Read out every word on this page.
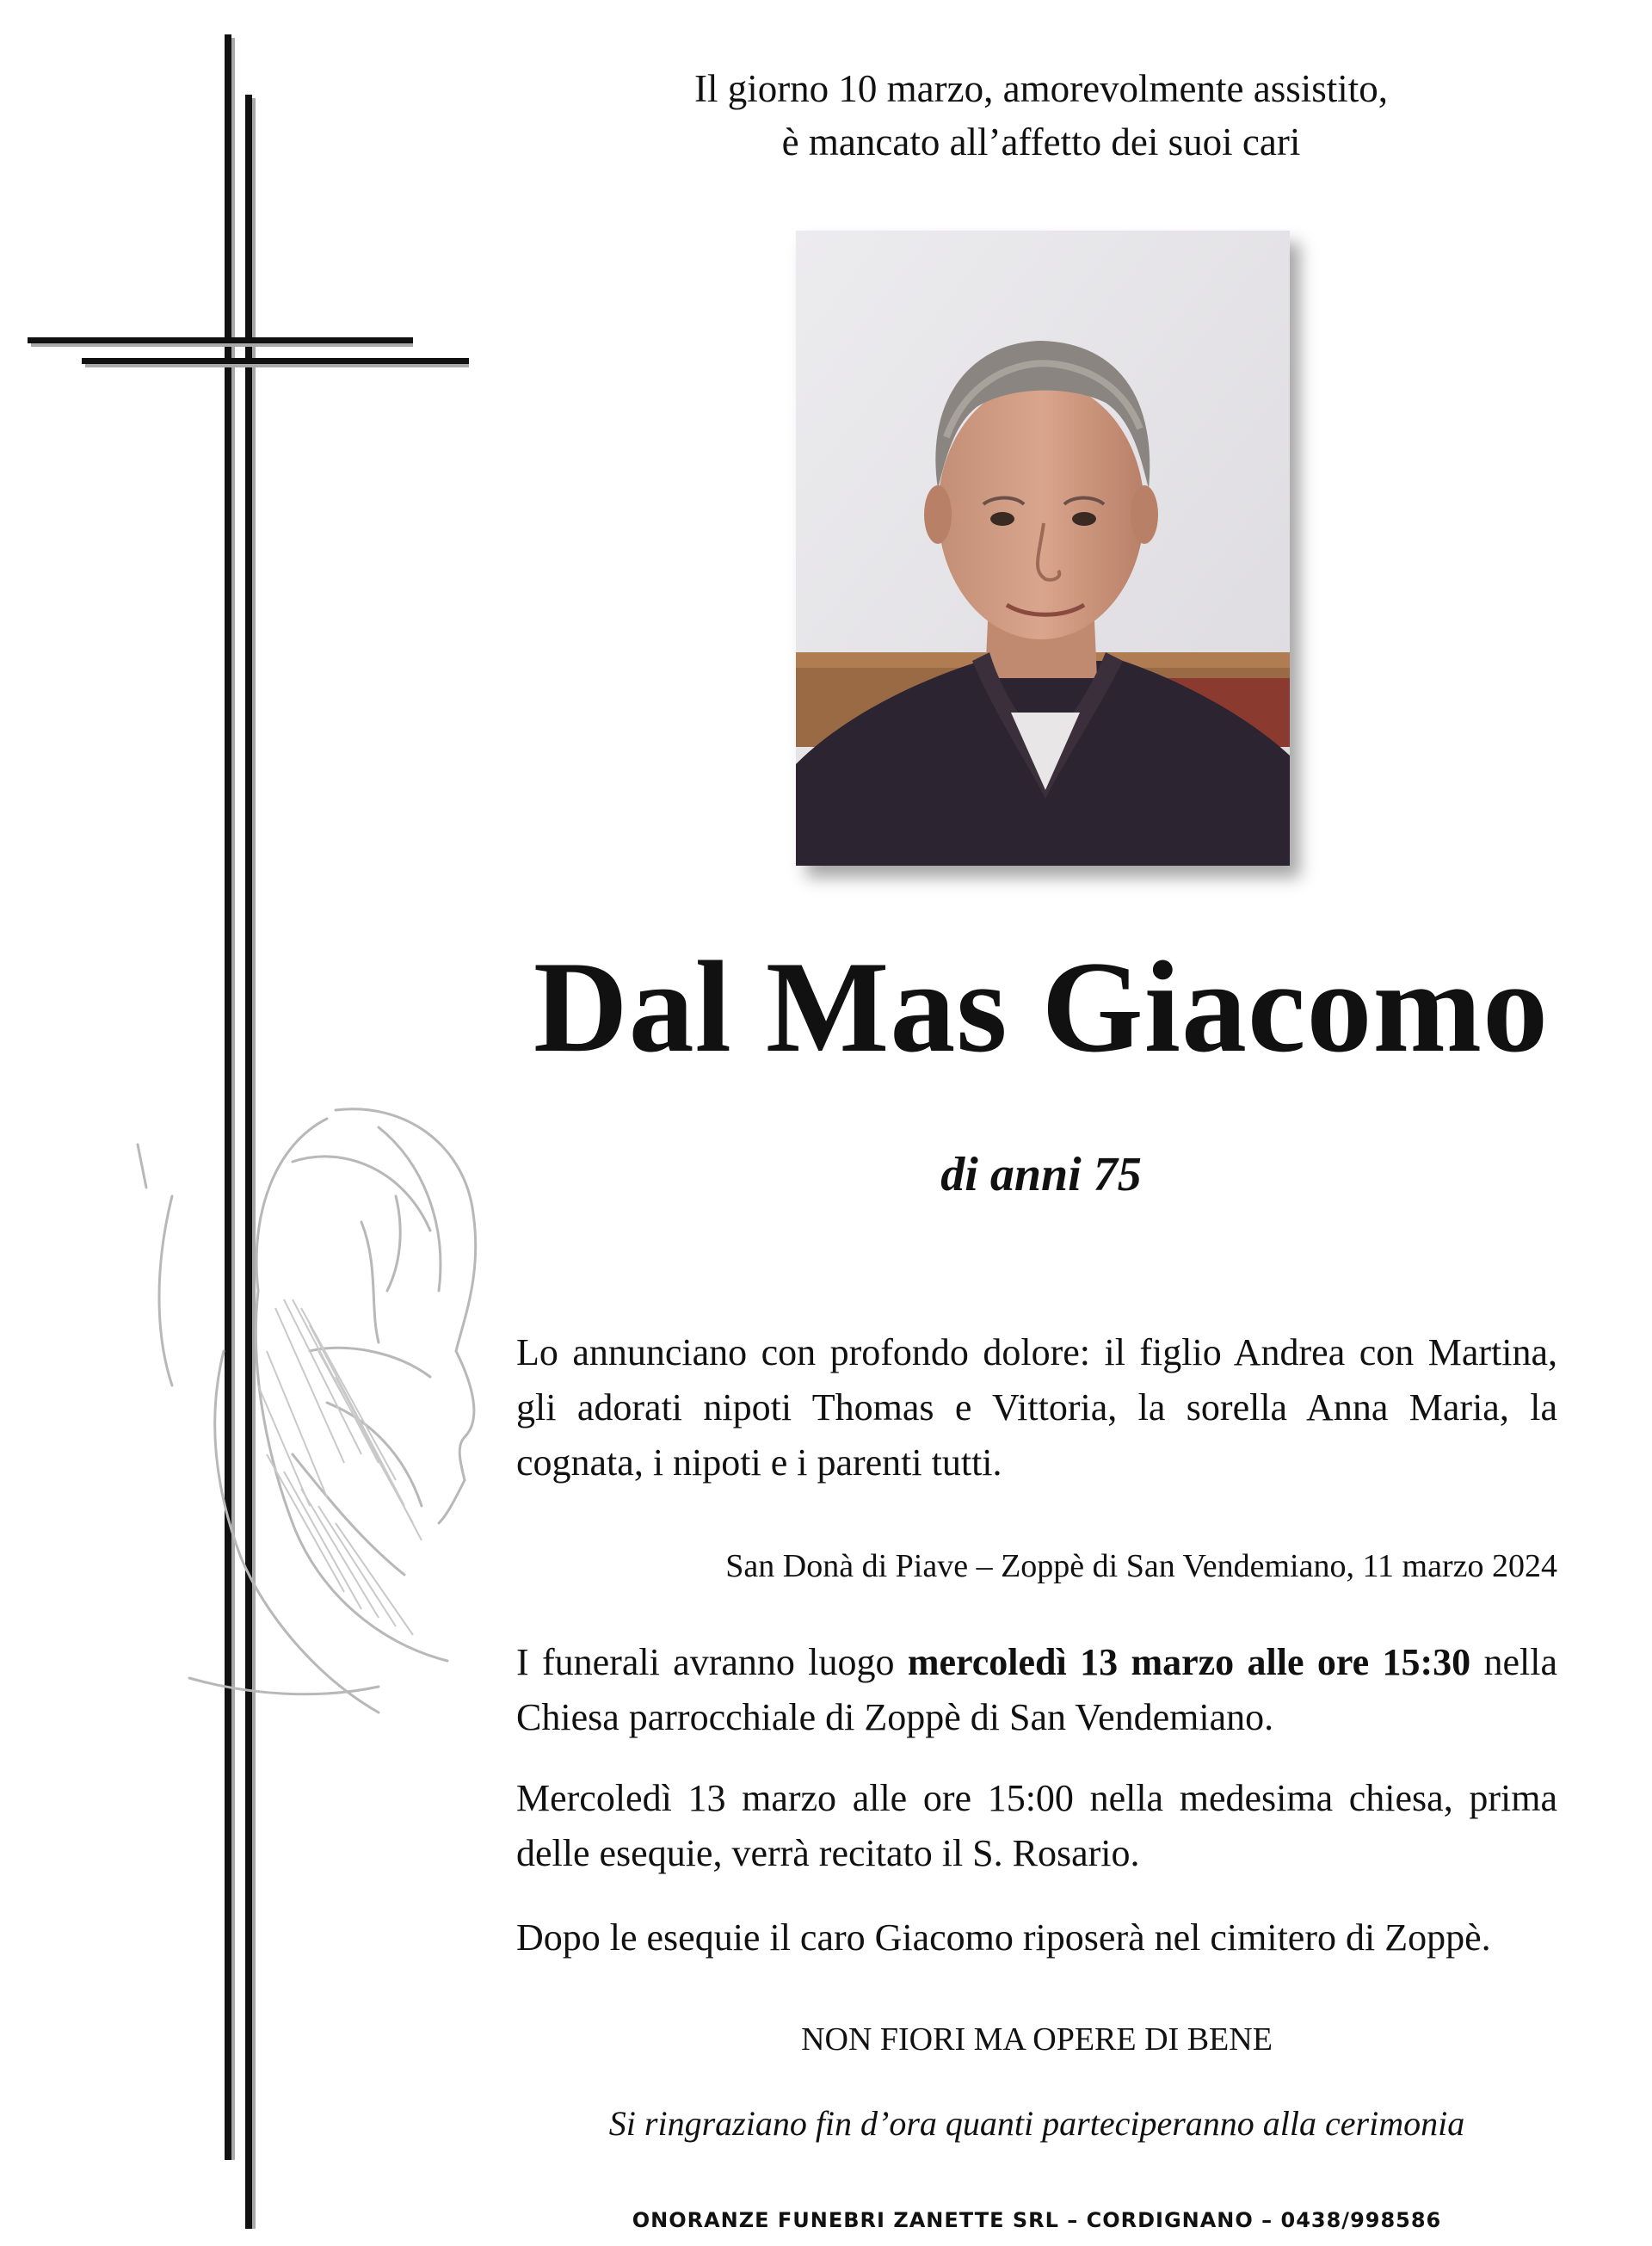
Il giorno 10 marzo, amorevolmente assistito,
è mancato all’affetto dei suoi cari
Dal Mas Giacomo
di anni 75
Lo annunciano con profondo dolore: il figlio Andrea con Martina, gli adorati nipoti Thomas e Vittoria, la sorella Anna Maria, la cognata, i nipoti e i parenti tutti.
San Donà di Piave – Zoppè di San Vendemiano, 11 marzo 2024
I funerali avranno luogo mercoledì 13 marzo alle ore 15:30 nella Chiesa parrocchiale di Zoppè di San Vendemiano.
Mercoledì 13 marzo alle ore 15:00 nella medesima chiesa, prima delle esequie, verrà recitato il S. Rosario.
Dopo le esequie il caro Giacomo riposerà nel cimitero di Zoppè.
NON FIORI MA OPERE DI BENE
Si ringraziano fin d’ora quanti parteciperanno alla cerimonia
ONORANZE FUNEBRI ZANETTE SRL – CORDIGNANO – 0438/998586
